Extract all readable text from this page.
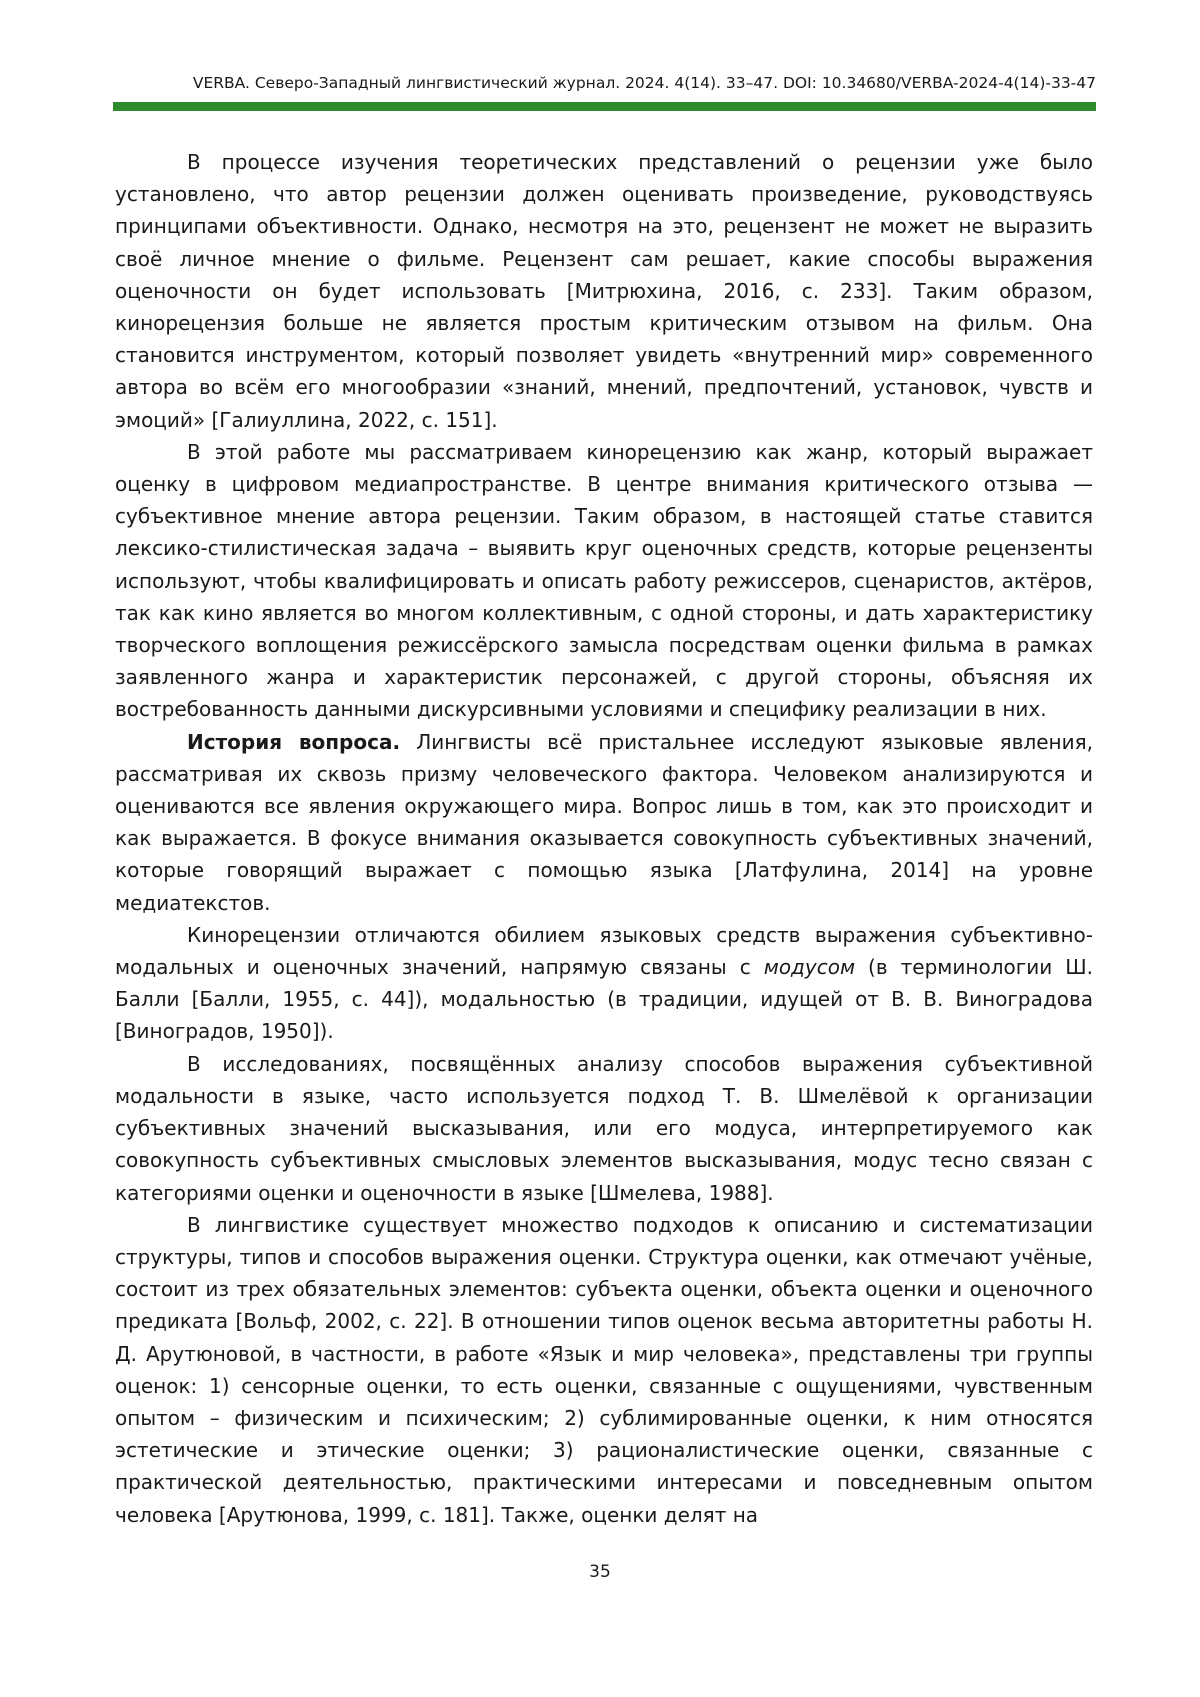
VERBA. Северо-Западный лингвистический журнал. 2024. 4(14). 33–47. DOI: 10.34680/VERBA-2024-4(14)-33-47

В процессе изучения теоретических представлений о рецензии уже было установлено, что автор рецензии должен оценивать произведение, руководствуясь принципами объективности. Однако, несмотря на это, рецензент не может не выразить своё личное мнение о фильме. Рецензент сам решает, какие способы выражения оценочности он будет использовать [Митрюхина, 2016, с. 233]. Таким образом, кинорецензия больше не является простым критическим отзывом на фильм. Она становится инструментом, который позволяет увидеть «внутренний мир» современного автора во всём его многообразии «знаний, мнений, предпочтений, установок, чувств и эмоций» [Галиуллина, 2022, с. 151].

В этой работе мы рассматриваем кинорецензию как жанр, который выражает оценку в цифровом медиапространстве. В центре внимания критического отзыва — субъективное мнение автора рецензии. Таким образом, в настоящей статье ставится лексико-стилистическая задача – выявить круг оценочных средств, которые рецензенты используют, чтобы квалифицировать и описать работу режиссеров, сценаристов, актёров, так как кино является во многом коллективным, с одной стороны, и дать характеристику творческого воплощения режиссёрского замысла посредствам оценки фильма в рамках заявленного жанра и характеристик персонажей, с другой стороны, объясняя их востребованность данными дискурсивными условиями и специфику реализации в них.

История вопроса. Лингвисты всё пристальнее исследуют языковые явления, рассматривая их сквозь призму человеческого фактора. Человеком анализируются и оцениваются все явления окружающего мира. Вопрос лишь в том, как это происходит и как выражается. В фокусе внимания оказывается совокупность субъективных значений, которые говорящий выражает с помощью языка [Латфулина, 2014] на уровне медиатекстов.

Кинорецензии отличаются обилием языковых средств выражения субъективно-модальных и оценочных значений, напрямую связаны с модусом (в терминологии Ш. Балли [Балли, 1955, с. 44]), модальностью (в традиции, идущей от В. В. Виноградова [Виноградов, 1950]).

В исследованиях, посвящённых анализу способов выражения субъективной модальности в языке, часто используется подход Т. В. Шмелёвой к организации субъективных значений высказывания, или его модуса, интерпретируемого как совокупность субъективных смысловых элементов высказывания, модус тесно связан с категориями оценки и оценочности в языке [Шмелева, 1988].

В лингвистике существует множество подходов к описанию и систематизации структуры, типов и способов выражения оценки. Структура оценки, как отмечают учёные, состоит из трех обязательных элементов: субъекта оценки, объекта оценки и оценочного предиката [Вольф, 2002, с. 22]. В отношении типов оценок весьма авторитетны работы Н. Д. Арутюновой, в частности, в работе «Язык и мир человека», представлены три группы оценок: 1) сенсорные оценки, то есть оценки, связанные с ощущениями, чувственным опытом – физическим и психическим; 2) сублимированные оценки, к ним относятся эстетические и этические оценки; 3) рационалистические оценки, связанные с практической деятельностью, практическими интересами и повседневным опытом человека [Арутюнова, 1999, с. 181]. Также, оценки делят на

35
